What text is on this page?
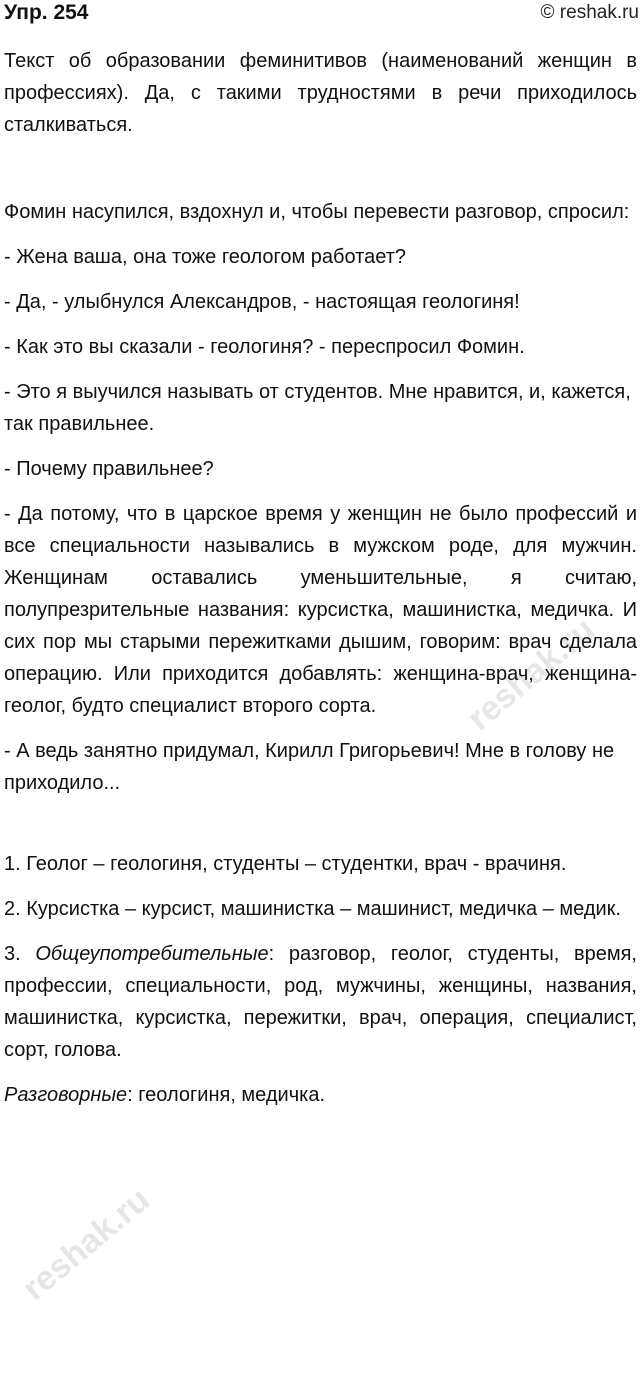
Упр. 254	© reshak.ru

Текст об образовании феминитивов (наименований женщин в профессиях). Да, с такими трудностями в речи приходилось сталкиваться.

Фомин насупился, вздохнул и, чтобы перевести разговор, спросил:

- Жена ваша, она тоже геологом работает?

- Да, - улыбнулся Александров, - настоящая геологиня!

- Как это вы сказали - геологиня? - переспросил Фомин.

- Это я выучился называть от студентов. Мне нравится, и, кажется, так правильнее.

- Почему правильнее?

- Да потому, что в царское время у женщин не было профессий и все специальности назывались в мужском роде, для мужчин. Женщинам оставались уменьшительные, я считаю, полупрезрительные названия: курсистка, машинистка, медичка. И сих пор мы старыми пережитками дышим, говорим: врач сделала операцию. Или приходится добавлять: женщина-врач, женщина-геолог, будто специалист второго сорта.

- А ведь занятно придумал, Кирилл Григорьевич! Мне в голову не приходило...

1. Геолог – геологиня, студенты – студентки, врач - врачиня.

2. Курсистка – курсист, машинистка – машинист, медичка – медик.

3. Общеупотребительные: разговор, геолог, студенты, время, профессии, специальности, род, мужчины, женщины, названия, машинистка, курсистка, пережитки, врач, операция, специалист, сорт, голова.

Разговорные: геологиня, медичка.

reshak.ru
reshak.ru
